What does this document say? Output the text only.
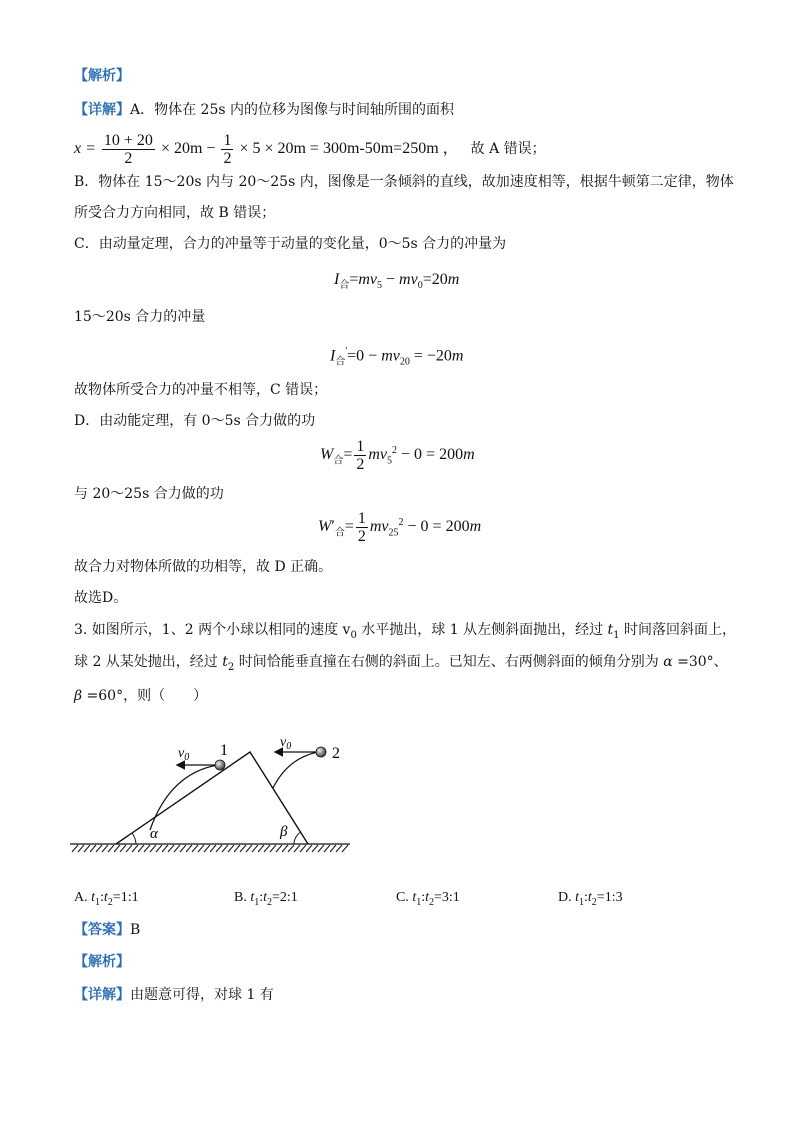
【解析】
【详解】A．物体在 25s 内的位移为图像与时间轴所围的面积
$x = \frac{10 + 20}{2} \times 20m - \frac{1}{2} \times 5 \times 20m = 300m-50m=250m$ ， 故 A 错误；
B．物体在 15～20s 内与 20～25s 内，图像是一条倾斜的直线，故加速度相等，根据牛顿第二定律，物体
所受合力方向相同，故 B 错误；
C．由动量定理，合力的冲量等于动量的变化量，0～5s 合力的冲量为
$I_合=mv_5 - mv_0=20m$
15～20s 合力的冲量
$I_合'=0 - mv_{20} = -20m$
故物体所受合力的冲量不相等，C 错误；
D．由动能定理，有 0～5s 合力做的功
$W_合= \frac{1}{2} mv_5^2 - 0 = 200m$
与 20～25s 合力做的功
$W'_合= \frac{1}{2} mv_{25}^2 - 0 = 200m$
故合力对物体所做的功相等，故 D 正确。
故选D。
3. 如图所示，1、2 两个小球以相同的速度 $v_0$ 水平抛出，球 1 从左侧斜面抛出，经过 $t_1$ 时间落回斜面上，
球 2 从某处抛出，经过 $t_2$ 时间恰能垂直撞在右侧的斜面上。已知左、右两侧斜面的倾角分别为 α =30°、
β =60°，则（　　）
α	β
$v_0$ 1	$v_0$	2
A. $t_1:t_2=1:1$	B. $t_1:t_2=2:1$	C. $t_1:t_2=3:1$	D. $t_1:t_2=1:3$
【答案】B
【解析】
【详解】由题意可得，对球 1 有
